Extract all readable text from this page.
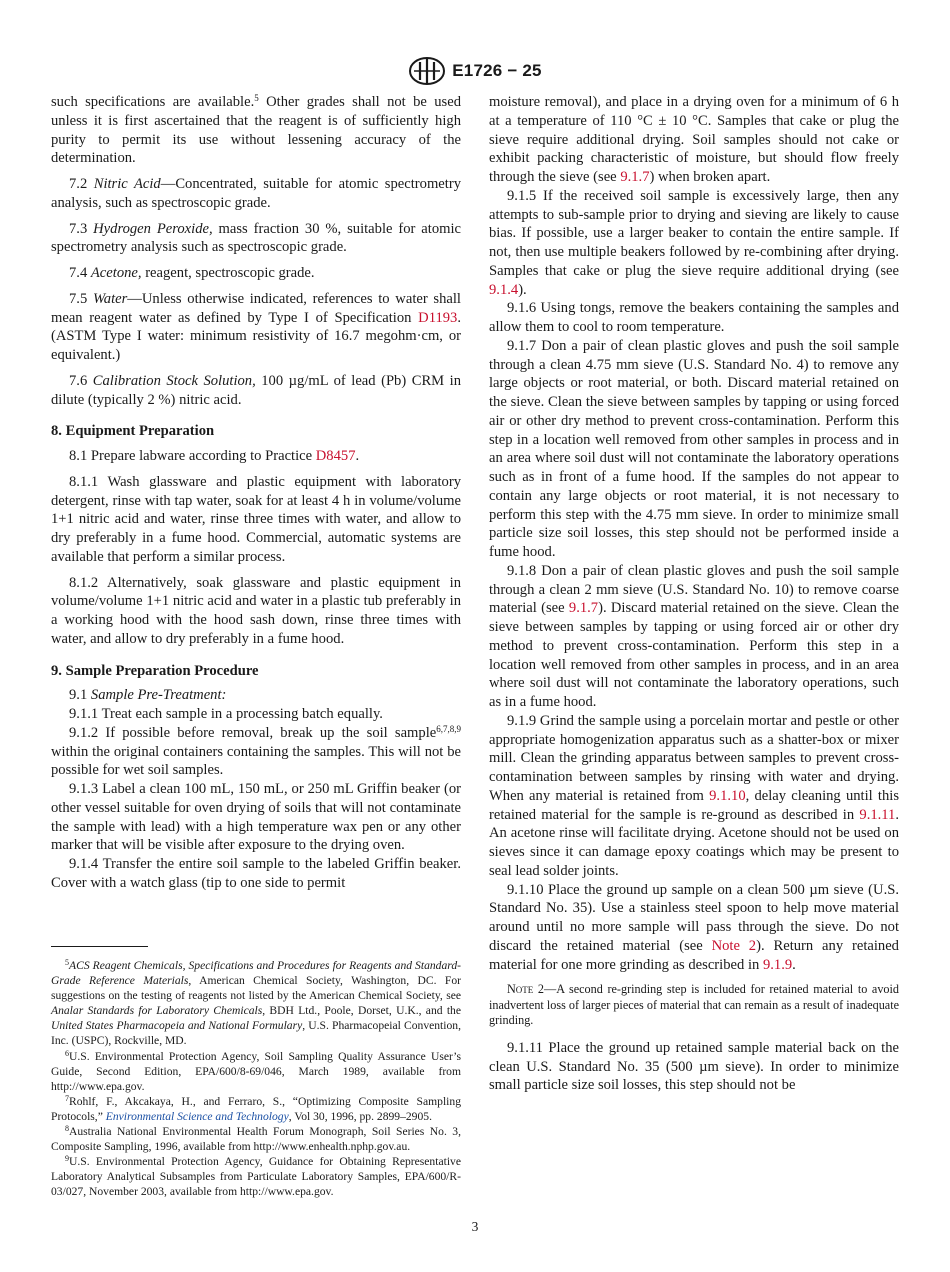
E1726 − 25

such specifications are available.$^5$ Other grades shall not be used unless it is first ascertained that the reagent is of sufficiently high purity to permit its use without lessening accuracy of the determination.

7.2 Nitric Acid—Concentrated, suitable for atomic spectrometry analysis, such as spectroscopic grade.

7.3 Hydrogen Peroxide, mass fraction 30 %, suitable for atomic spectrometry analysis such as spectroscopic grade.

7.4 Acetone, reagent, spectroscopic grade.

7.5 Water—Unless otherwise indicated, references to water shall mean reagent water as defined by Type I of Specification D1193. (ASTM Type I water: minimum resistivity of 16.7 megohm·cm, or equivalent.)

7.6 Calibration Stock Solution, 100 µg/mL of lead (Pb) CRM in dilute (typically 2 %) nitric acid.

8. Equipment Preparation

8.1 Prepare labware according to Practice D8457.

8.1.1 Wash glassware and plastic equipment with laboratory detergent, rinse with tap water, soak for at least 4 h in volume/volume 1+1 nitric acid and water, rinse three times with water, and allow to dry preferably in a fume hood. Commercial, automatic systems are available that perform a similar process.

8.1.2 Alternatively, soak glassware and plastic equipment in volume/volume 1+1 nitric acid and water in a plastic tub preferably in a working hood with the hood sash down, rinse three times with water, and allow to dry preferably in a fume hood.

9. Sample Preparation Procedure

9.1 Sample Pre-Treatment:

9.1.1 Treat each sample in a processing batch equally.

9.1.2 If possible before removal, break up the soil sample$^{6,7,8,9}$ within the original containers containing the samples. This will not be possible for wet soil samples.

9.1.3 Label a clean 100 mL, 150 mL, or 250 mL Griffin beaker (or other vessel suitable for oven drying of soils that will not contaminate the sample with lead) with a high temperature wax pen or any other marker that will be visible after exposure to the drying oven.

9.1.4 Transfer the entire soil sample to the labeled Griffin beaker. Cover with a watch glass (tip to one side to permit

$^5$ACS Reagent Chemicals, Specifications and Procedures for Reagents and Standard-Grade Reference Materials, American Chemical Society, Washington, DC. For suggestions on the testing of reagents not listed by the American Chemical Society, see Analar Standards for Laboratory Chemicals, BDH Ltd., Poole, Dorset, U.K., and the United States Pharmacopeia and National Formulary, U.S. Pharmacopeial Convention, Inc. (USPC), Rockville, MD.

$^6$U.S. Environmental Protection Agency, Soil Sampling Quality Assurance User’s Guide, Second Edition, EPA/600/8-69/046, March 1989, available from http://www.epa.gov.

$^7$Rohlf, F., Akcakaya, H., and Ferraro, S., “Optimizing Composite Sampling Protocols,” Environmental Science and Technology, Vol 30, 1996, pp. 2899–2905.

$^8$Australia National Environmental Health Forum Monograph, Soil Series No. 3, Composite Sampling, 1996, available from http://www.enhealth.nphp.gov.au.

$^9$U.S. Environmental Protection Agency, Guidance for Obtaining Representative Laboratory Analytical Subsamples from Particulate Laboratory Samples, EPA/600/R-03/027, November 2003, available from http://www.epa.gov.

moisture removal), and place in a drying oven for a minimum of 6 h at a temperature of 110 °C ± 10 °C. Samples that cake or plug the sieve require additional drying. Soil samples should not cake or exhibit packing characteristic of moisture, but should flow freely through the sieve (see 9.1.7) when broken apart.

9.1.5 If the received soil sample is excessively large, then any attempts to sub-sample prior to drying and sieving are likely to cause bias. If possible, use a larger beaker to contain the entire sample. If not, then use multiple beakers followed by re-combining after drying. Samples that cake or plug the sieve require additional drying (see 9.1.4).

9.1.6 Using tongs, remove the beakers containing the samples and allow them to cool to room temperature.

9.1.7 Don a pair of clean plastic gloves and push the soil sample through a clean 4.75 mm sieve (U.S. Standard No. 4) to remove any large objects or root material, or both. Discard material retained on the sieve. Clean the sieve between samples by tapping or using forced air or other dry method to prevent cross-contamination. Perform this step in a location well removed from other samples in process and in an area where soil dust will not contaminate the laboratory operations such as in front of a fume hood. If the samples do not appear to contain any large objects or root material, it is not necessary to perform this step with the 4.75 mm sieve. In order to minimize small particle size soil losses, this step should not be performed inside a fume hood.

9.1.8 Don a pair of clean plastic gloves and push the soil sample through a clean 2 mm sieve (U.S. Standard No. 10) to remove coarse material (see 9.1.7). Discard material retained on the sieve. Clean the sieve between samples by tapping or using forced air or other dry method to prevent cross-contamination. Perform this step in a location well removed from other samples in process, and in an area where soil dust will not contaminate the laboratory operations, such as in a fume hood.

9.1.9 Grind the sample using a porcelain mortar and pestle or other appropriate homogenization apparatus such as a shatter-box or mixer mill. Clean the grinding apparatus between samples to prevent cross-contamination between samples by rinsing with water and drying. When any material is retained from 9.1.10, delay cleaning until this retained material for the sample is re-ground as described in 9.1.11. An acetone rinse will facilitate drying. Acetone should not be used on sieves since it can damage epoxy coatings which may be present to seal lead solder joints.

9.1.10 Place the ground up sample on a clean 500 µm sieve (U.S. Standard No. 35). Use a stainless steel spoon to help move material around until no more sample will pass through the sieve. Do not discard the retained material (see Note 2). Return any retained material for one more grinding as described in 9.1.9.

Note 2—A second re-grinding step is included for retained material to avoid inadvertent loss of larger pieces of material that can remain as a result of inadequate grinding.

9.1.11 Place the ground up retained sample material back on the clean U.S. Standard No. 35 (500 µm sieve). In order to minimize small particle size soil losses, this step should not be

3
